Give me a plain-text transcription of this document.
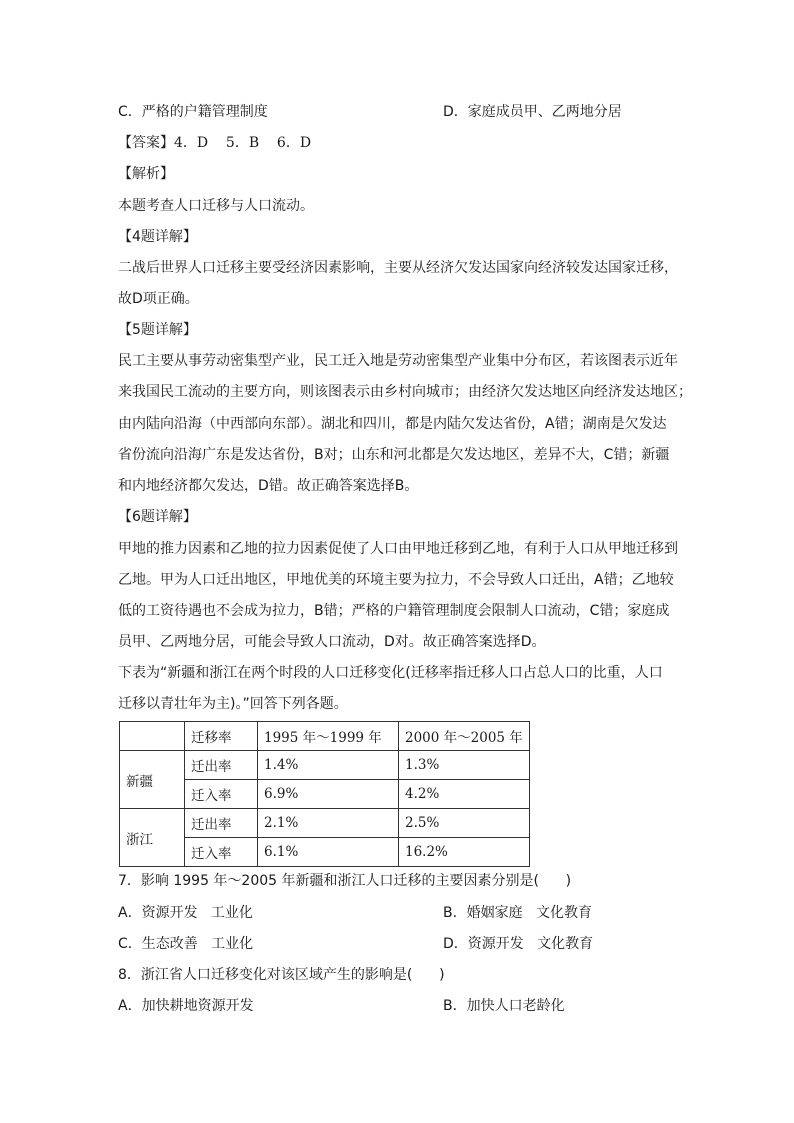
C．严格的户籍管理制度	D．家庭成员甲、乙两地分居
【答案】4．D    5．B    6．D
【解析】
本题考查人口迁移与人口流动。
【4题详解】
二战后世界人口迁移主要受经济因素影响，主要从经济欠发达国家向经济较发达国家迁移，
故D项正确。
【5题详解】
民工主要从事劳动密集型产业，民工迁入地是劳动密集型产业集中分布区，若该图表示近年
来我国民工流动的主要方向，则该图表示由乡村向城市；由经济欠发达地区向经济发达地区；
由内陆向沿海（中西部向东部）。湖北和四川，都是内陆欠发达省份，A错；湖南是欠发达
省份流向沿海广东是发达省份，B对；山东和河北都是欠发达地区，差异不大，C错；新疆
和内地经济都欠发达，D错。故正确答案选择B。
【6题详解】
甲地的推力因素和乙地的拉力因素促使了人口由甲地迁移到乙地，有利于人口从甲地迁移到
乙地。甲为人口迁出地区，甲地优美的环境主要为拉力，不会导致人口迁出，A错；乙地较
低的工资待遇也不会成为拉力，B错；严格的户籍管理制度会限制人口流动，C错；家庭成
员甲、乙两地分居，可能会导致人口流动，D对。故正确答案选择D。
下表为“新疆和浙江在两个时段的人口迁移变化(迁移率指迁移人口占总人口的比重，人口
迁移以青壮年为主)。”回答下列各题。
	迁移率	1995 年～1999 年	2000 年～2005 年
新疆	迁出率	1.4%	1.3%
	迁入率	6.9%	4.2%
浙江	迁出率	2.1%	2.5%
	迁入率	6.1%	16.2%
7．影响 1995 年～2005 年新疆和浙江人口迁移的主要因素分别是(      )
A．资源开发   工业化	B．婚姻家庭   文化教育
C．生态改善   工业化	D．资源开发   文化教育
8．浙江省人口迁移变化对该区域产生的影响是(      )
A．加快耕地资源开发	B．加快人口老龄化
